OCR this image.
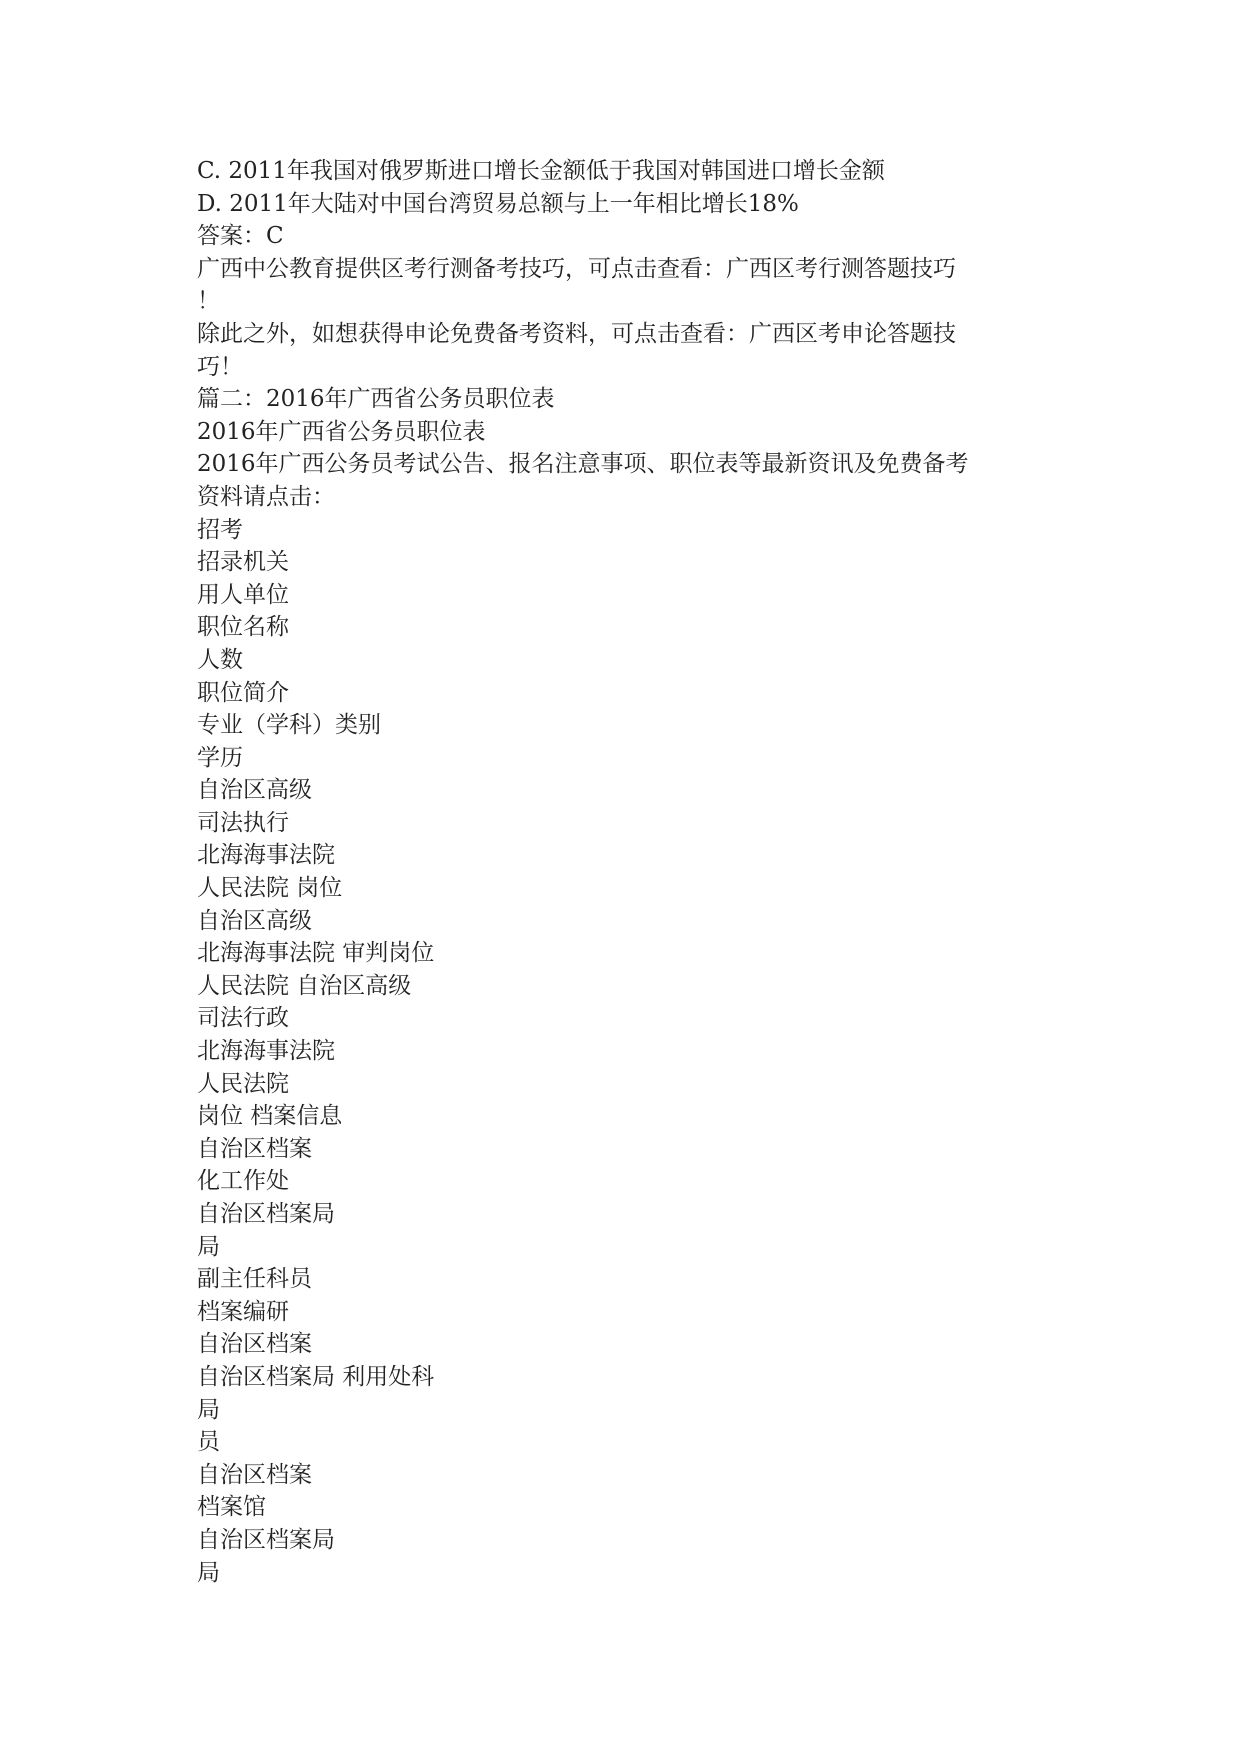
C. 2011年我国对俄罗斯进口增长金额低于我国对韩国进口增长金额

D. 2011年大陆对中国台湾贸易总额与上一年相比增长18%

答案：C

广西中公教育提供区考行测备考技巧，可点击查看：广西区考行测答题技巧

！

除此之外，如想获得申论免费备考资料，可点击查看：广西区考申论答题技

巧！

篇二：2016年广西省公务员职位表

2016年广西省公务员职位表

2016年广西公务员考试公告、报名注意事项、职位表等最新资讯及免费备考

资料请点击：

招考

招录机关

用人单位

职位名称

人数

职位简介

专业（学科）类别

学历

自治区高级

司法执行

北海海事法院

人民法院 岗位

自治区高级

北海海事法院 审判岗位

人民法院 自治区高级

司法行政

北海海事法院

人民法院

岗位 档案信息

自治区档案

化工作处

自治区档案局

局

副主任科员

档案编研

自治区档案

自治区档案局 利用处科

局

员

自治区档案

档案馆

自治区档案局

局
